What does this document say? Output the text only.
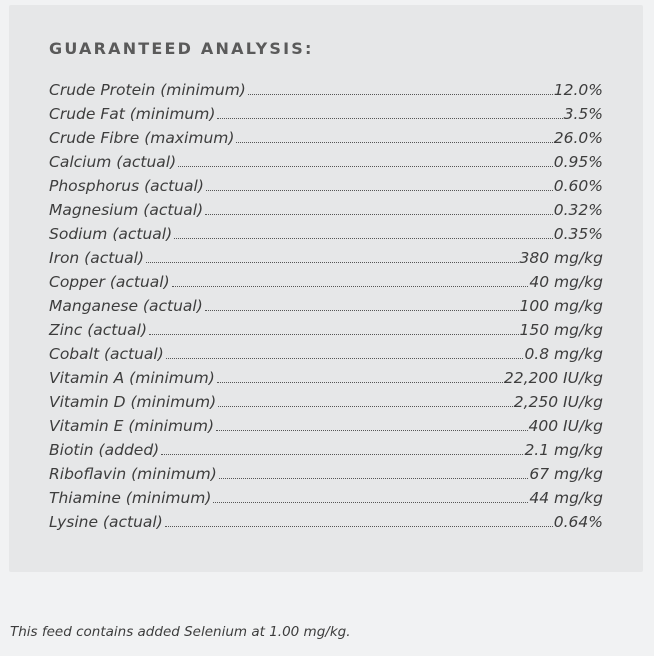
GUARANTEED ANALYSIS:
Crude Protein (minimum)	12.0%
Crude Fat (minimum)	3.5%
Crude Fibre (maximum)	26.0%
Calcium (actual)	0.95%
Phosphorus (actual)	0.60%
Magnesium (actual)	0.32%
Sodium (actual)	0.35%
Iron (actual)	380 mg/kg
Copper (actual)	40 mg/kg
Manganese (actual)	100 mg/kg
Zinc (actual)	150 mg/kg
Cobalt (actual)	0.8 mg/kg
Vitamin A (minimum)	22,200 IU/kg
Vitamin D (minimum)	2,250 IU/kg
Vitamin E (minimum)	400 IU/kg
Biotin (added)	2.1 mg/kg
Riboflavin (minimum)	67 mg/kg
Thiamine (minimum)	44 mg/kg
Lysine (actual)	0.64%

This feed contains added Selenium at 1.00 mg/kg.
